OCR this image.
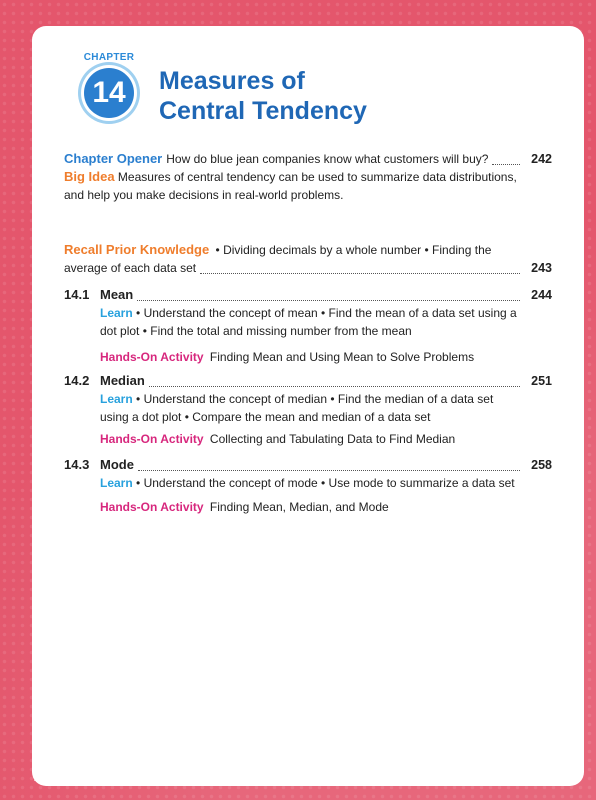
CHAPTER
14	Measures of
Central Tendency
Chapter Opener How do blue jean companies know what customers will buy?	242
Big Idea Measures of central tendency can be used to summarize data distributions,
and help you make decisions in real-world problems.
Recall Prior Knowledge • Dividing decimals by a whole number • Finding the
average of each data set	243
14.1 Mean	244
Learn • Understand the concept of mean • Find the mean of a data set using a
dot plot • Find the total and missing number from the mean
Hands-On Activity Finding Mean and Using Mean to Solve Problems
14.2 Median	251
Learn • Understand the concept of median • Find the median of a data set
using a dot plot • Compare the mean and median of a data set
Hands-On Activity Collecting and Tabulating Data to Find Median
14.3 Mode	258
Learn • Understand the concept of mode • Use mode to summarize a data set
Hands-On Activity Finding Mean, Median, and Mode
xii
